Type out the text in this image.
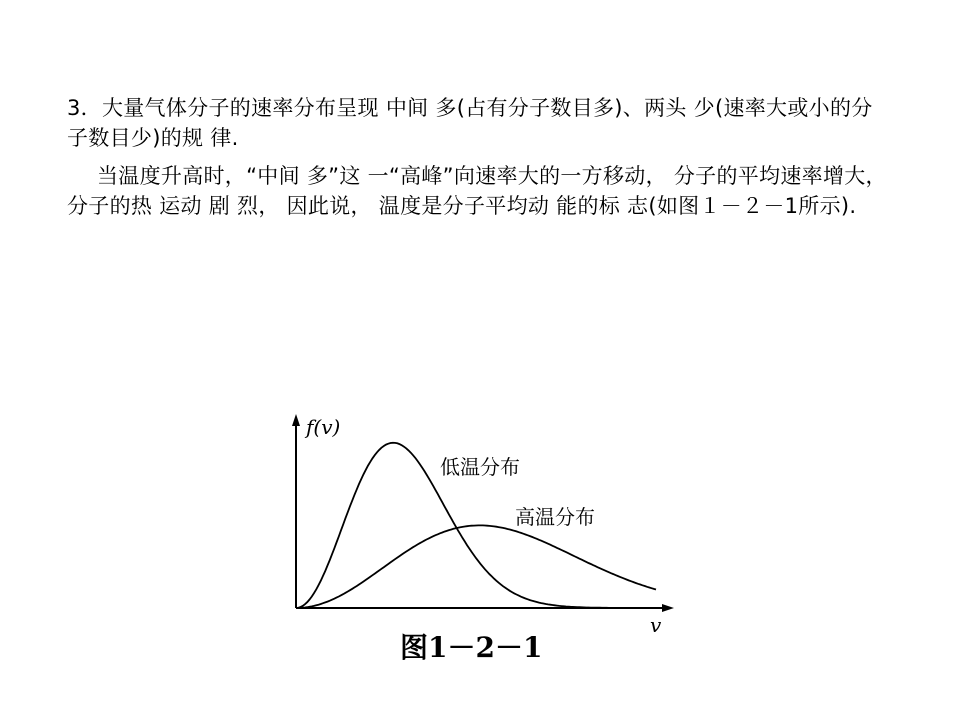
3．大量气体分子的速率分布呈现 中间 多(占有分子数目多)、两头 少(速率大或小的分子数目少)的规 律.

当温度升高时，“中间 多”这 一“高峰”向速率大的一方移动， 分子的平均速率增大， 分子的热 运动 剧 烈， 因此说， 温度是分子平均动 能的标 志(如图１－２－1所示).

f(v)
v
低温分布
高温分布
图1－2－1
